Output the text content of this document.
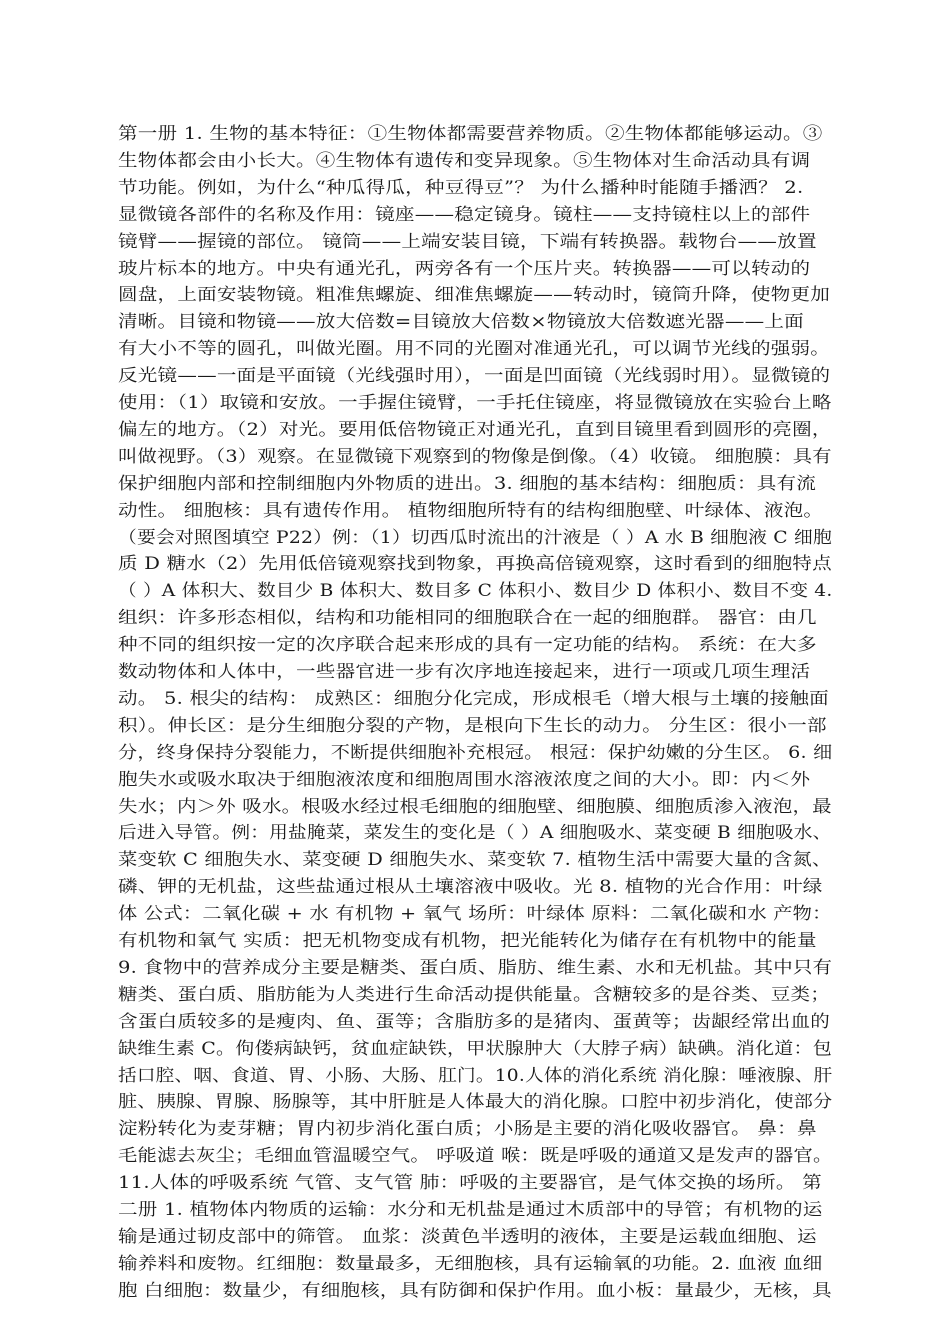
第一册 1. 生物的基本特征：①生物体都需要营养物质。②生物体都能够运动。③
生物体都会由小长大。④生物体有遗传和变异现象。⑤生物体对生命活动具有调
节功能。例如，为什么“种瓜得瓜，种豆得豆”？ 为什么播种时能随手播洒？ 2.
显微镜各部件的名称及作用：镜座——稳定镜身。镜柱——支持镜柱以上的部件
镜臂——握镜的部位。 镜筒——上端安装目镜，下端有转换器。载物台——放置
玻片标本的地方。中央有通光孔，两旁各有一个压片夹。转换器——可以转动的
圆盘，上面安装物镜。粗准焦螺旋、细准焦螺旋——转动时，镜筒升降，使物更加
清晰。目镜和物镜——放大倍数=目镜放大倍数×物镜放大倍数遮光器——上面
有大小不等的圆孔，叫做光圈。用不同的光圈对准通光孔，可以调节光线的强弱。
反光镜——一面是平面镜（光线强时用），一面是凹面镜（光线弱时用）。显微镜的
使用：（1）取镜和安放。一手握住镜臂，一手托住镜座，将显微镜放在实验台上略
偏左的地方。（2）对光。要用低倍物镜正对通光孔，直到目镜里看到圆形的亮圈，
叫做视野。（3）观察。在显微镜下观察到的物像是倒像。（4）收镜。 细胞膜：具有
保护细胞内部和控制细胞内外物质的进出。3. 细胞的基本结构：细胞质：具有流
动性。 细胞核：具有遗传作用。 植物细胞所特有的结构细胞壁、叶绿体、液泡。
（要会对照图填空 P22）例：（1）切西瓜时流出的汁液是（ ）A 水 B 细胞液 C 细胞
质 D 糖水（2）先用低倍镜观察找到物象，再换高倍镜观察，这时看到的细胞特点
（ ）A 体积大、数目少 B 体积大、数目多 C 体积小、数目少 D 体积小、数目不变 4.
组织：许多形态相似，结构和功能相同的细胞联合在一起的细胞群。 器官：由几
种不同的组织按一定的次序联合起来形成的具有一定功能的结构。 系统：在大多
数动物体和人体中，一些器官进一步有次序地连接起来，进行一项或几项生理活
动。 5. 根尖的结构： 成熟区：细胞分化完成，形成根毛（增大根与土壤的接触面
积）。伸长区：是分生细胞分裂的产物，是根向下生长的动力。 分生区：很小一部
分，终身保持分裂能力，不断提供细胞补充根冠。 根冠：保护幼嫩的分生区。 6. 细
胞失水或吸水取决于细胞液浓度和细胞周围水溶液浓度之间的大小。即：内＜外
失水；内＞外 吸水。根吸水经过根毛细胞的细胞壁、细胞膜、细胞质渗入液泡，最
后进入导管。例：用盐腌菜，菜发生的变化是（ ）A 细胞吸水、菜变硬 B 细胞吸水、
菜变软 C 细胞失水、菜变硬 D 细胞失水、菜变软 7. 植物生活中需要大量的含氮、
磷、钾的无机盐，这些盐通过根从土壤溶液中吸收。光 8. 植物的光合作用：叶绿
体 公式：二氧化碳 + 水 有机物 + 氧气 场所：叶绿体 原料：二氧化碳和水 产物：
有机物和氧气 实质：把无机物变成有机物，把光能转化为储存在有机物中的能量
9. 食物中的营养成分主要是糖类、蛋白质、脂肪、维生素、水和无机盐。其中只有
糖类、蛋白质、脂肪能为人类进行生命活动提供能量。含糖较多的是谷类、豆类；
含蛋白质较多的是瘦肉、鱼、蛋等；含脂肪多的是猪肉、蛋黄等；齿龈经常出血的
缺维生素 C。佝偻病缺钙，贫血症缺铁，甲状腺肿大（大脖子病）缺碘。消化道：包
括口腔、咽、食道、胃、小肠、大肠、肛门。10.人体的消化系统 消化腺：唾液腺、肝
脏、胰腺、胃腺、肠腺等，其中肝脏是人体最大的消化腺。口腔中初步消化，使部分
淀粉转化为麦芽糖；胃内初步消化蛋白质；小肠是主要的消化吸收器官。 鼻：鼻
毛能滤去灰尘；毛细血管温暖空气。 呼吸道 喉：既是呼吸的通道又是发声的器官。
11.人体的呼吸系统 气管、支气管 肺：呼吸的主要器官，是气体交换的场所。 第
二册 1. 植物体内物质的运输：水分和无机盐是通过木质部中的导管；有机物的运
输是通过韧皮部中的筛管。 血浆：淡黄色半透明的液体，主要是运载血细胞、运
输养料和废物。红细胞：数量最多，无细胞核，具有运输氧的功能。2. 血液 血细
胞 白细胞：数量少，有细胞核，具有防御和保护作用。血小板：量最少，无核，具
